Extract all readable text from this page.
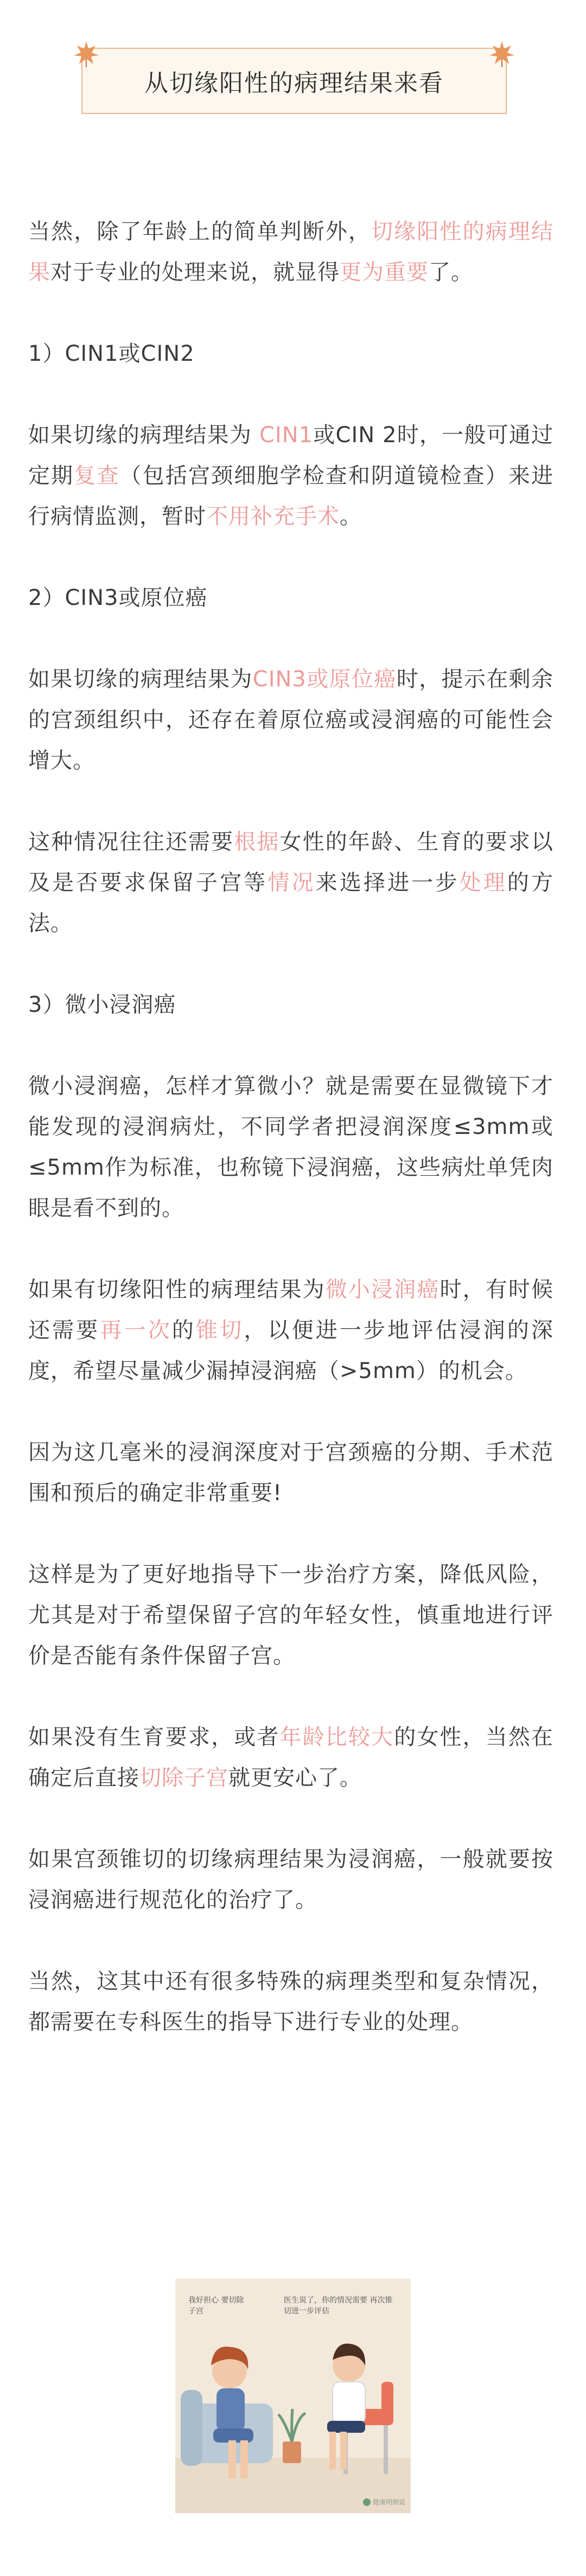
从切缘阳性的病理结果来看

当然，除了年龄上的简单判断外，切缘阳性的病理结果对于专业的处理来说，就显得更为重要了。

1）CIN1或CIN2

如果切缘的病理结果为 CIN1或CIN 2时，一般可通过定期复查（包括宫颈细胞学检查和阴道镜检查）来进行病情监测，暂时不用补充手术。

2）CIN3或原位癌

如果切缘的病理结果为CIN3或原位癌时，提示在剩余的宫颈组织中，还存在着原位癌或浸润癌的可能性会增大。

这种情况往往还需要根据女性的年龄、生育的要求以及是否要求保留子宫等情况来选择进一步处理的方法。

3）微小浸润癌

微小浸润癌，怎样才算微小？就是需要在显微镜下才能发现的浸润病灶，不同学者把浸润深度≤3mm或≤5mm作为标准，也称镜下浸润癌，这些病灶单凭肉眼是看不到的。

如果有切缘阳性的病理结果为微小浸润癌时，有时候还需要再一次的锥切，以便进一步地评估浸润的深度，希望尽量减少漏掉浸润癌（>5mm）的机会。

因为这几毫米的浸润深度对于宫颈癌的分期、手术范围和预后的确定非常重要!

这样是为了更好地指导下一步治疗方案，降低风险，尤其是对于希望保留子宫的年轻女性，慎重地进行评价是否能有条件保留子宫。

如果没有生育要求，或者年龄比较大的女性，当然在确定后直接切除子宫就更安心了。

如果宫颈锥切的切缘病理结果为浸润癌，一般就要按浸润癌进行规范化的治疗了。

当然，这其中还有很多特殊的病理类型和复杂情况，都需要在专科医生的指导下进行专业的处理。

我好担心 要切除子宫
医生说了，你的情况需要 再次锥切进一步评估
健康明朗说
